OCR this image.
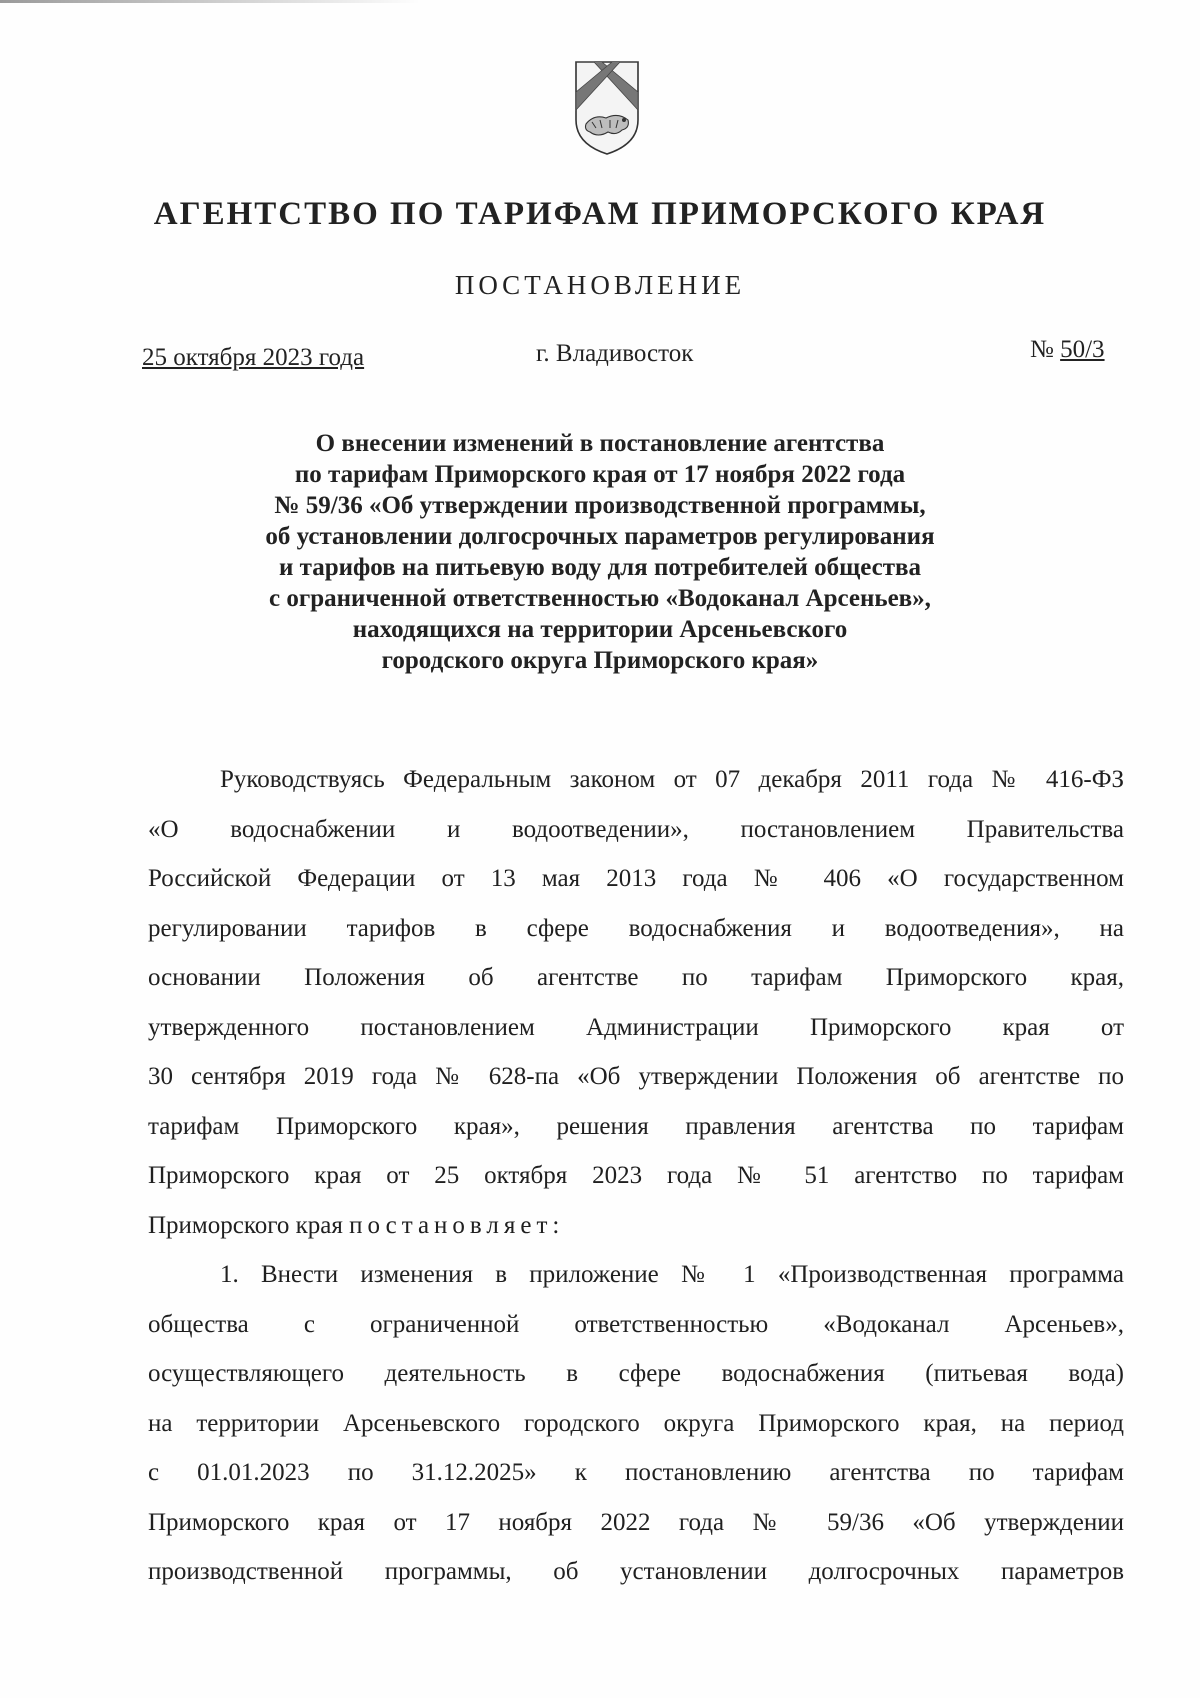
АГЕНТСТВО ПО ТАРИФАМ ПРИМОРСКОГО КРАЯ
ПОСТАНОВЛЕНИЕ
25 октября 2023 года	г. Владивосток	№ 50/3
О внесении изменений в постановление агентства
по тарифам Приморского края от 17 ноября 2022 года
№ 59/36 «Об утверждении производственной программы,
об установлении долгосрочных параметров регулирования
и тарифов на питьевую воду для потребителей общества
с ограниченной ответственностью «Водоканал Арсеньев»,
находящихся на территории Арсеньевского
городского округа Приморского края»
Руководствуясь Федеральным законом от 07 декабря 2011 года № 416-ФЗ
«О водоснабжении и водоотведении», постановлением Правительства
Российской Федерации от 13 мая 2013 года № 406 «О государственном
регулировании тарифов в сфере водоснабжения и водоотведения», на
основании Положения об агентстве по тарифам Приморского края,
утвержденного постановлением Администрации Приморского края от
30 сентября 2019 года № 628-па «Об утверждении Положения об агентстве по
тарифам Приморского края», решения правления агентства по тарифам
Приморского края от 25 октября 2023 года № 51 агентство по тарифам
Приморского края постановляет:
1. Внести изменения в приложение № 1 «Производственная программа
общества с ограниченной ответственностью «Водоканал Арсеньев»,
осуществляющего деятельность в сфере водоснабжения (питьевая вода)
на территории Арсеньевского городского округа Приморского края, на период
с 01.01.2023 по 31.12.2025» к постановлению агентства по тарифам
Приморского края от 17 ноября 2022 года № 59/36 «Об утверждении
производственной программы, об установлении долгосрочных параметров
